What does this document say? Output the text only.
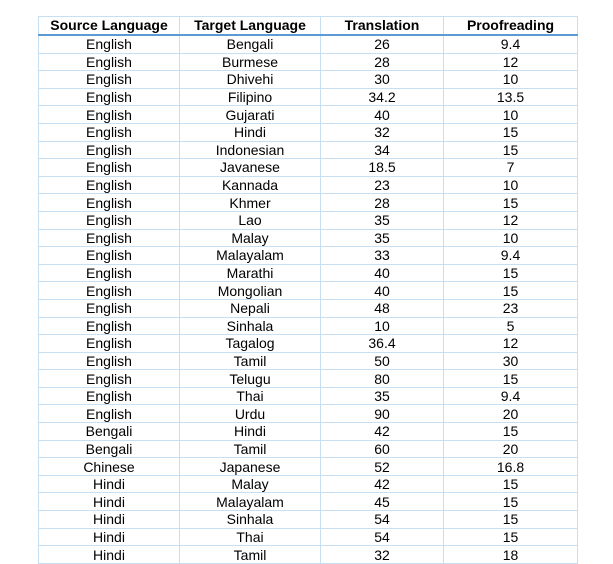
Source Language	Target Language	Translation	Proofreading
English	Bengali	26	9.4
English	Burmese	28	12
English	Dhivehi	30	10
English	Filipino	34.2	13.5
English	Gujarati	40	10
English	Hindi	32	15
English	Indonesian	34	15
English	Javanese	18.5	7
English	Kannada	23	10
English	Khmer	28	15
English	Lao	35	12
English	Malay	35	10
English	Malayalam	33	9.4
English	Marathi	40	15
English	Mongolian	40	15
English	Nepali	48	23
English	Sinhala	10	5
English	Tagalog	36.4	12
English	Tamil	50	30
English	Telugu	80	15
English	Thai	35	9.4
English	Urdu	90	20
Bengali	Hindi	42	15
Bengali	Tamil	60	20
Chinese	Japanese	52	16.8
Hindi	Malay	42	15
Hindi	Malayalam	45	15
Hindi	Sinhala	54	15
Hindi	Thai	54	15
Hindi	Tamil	32	18
